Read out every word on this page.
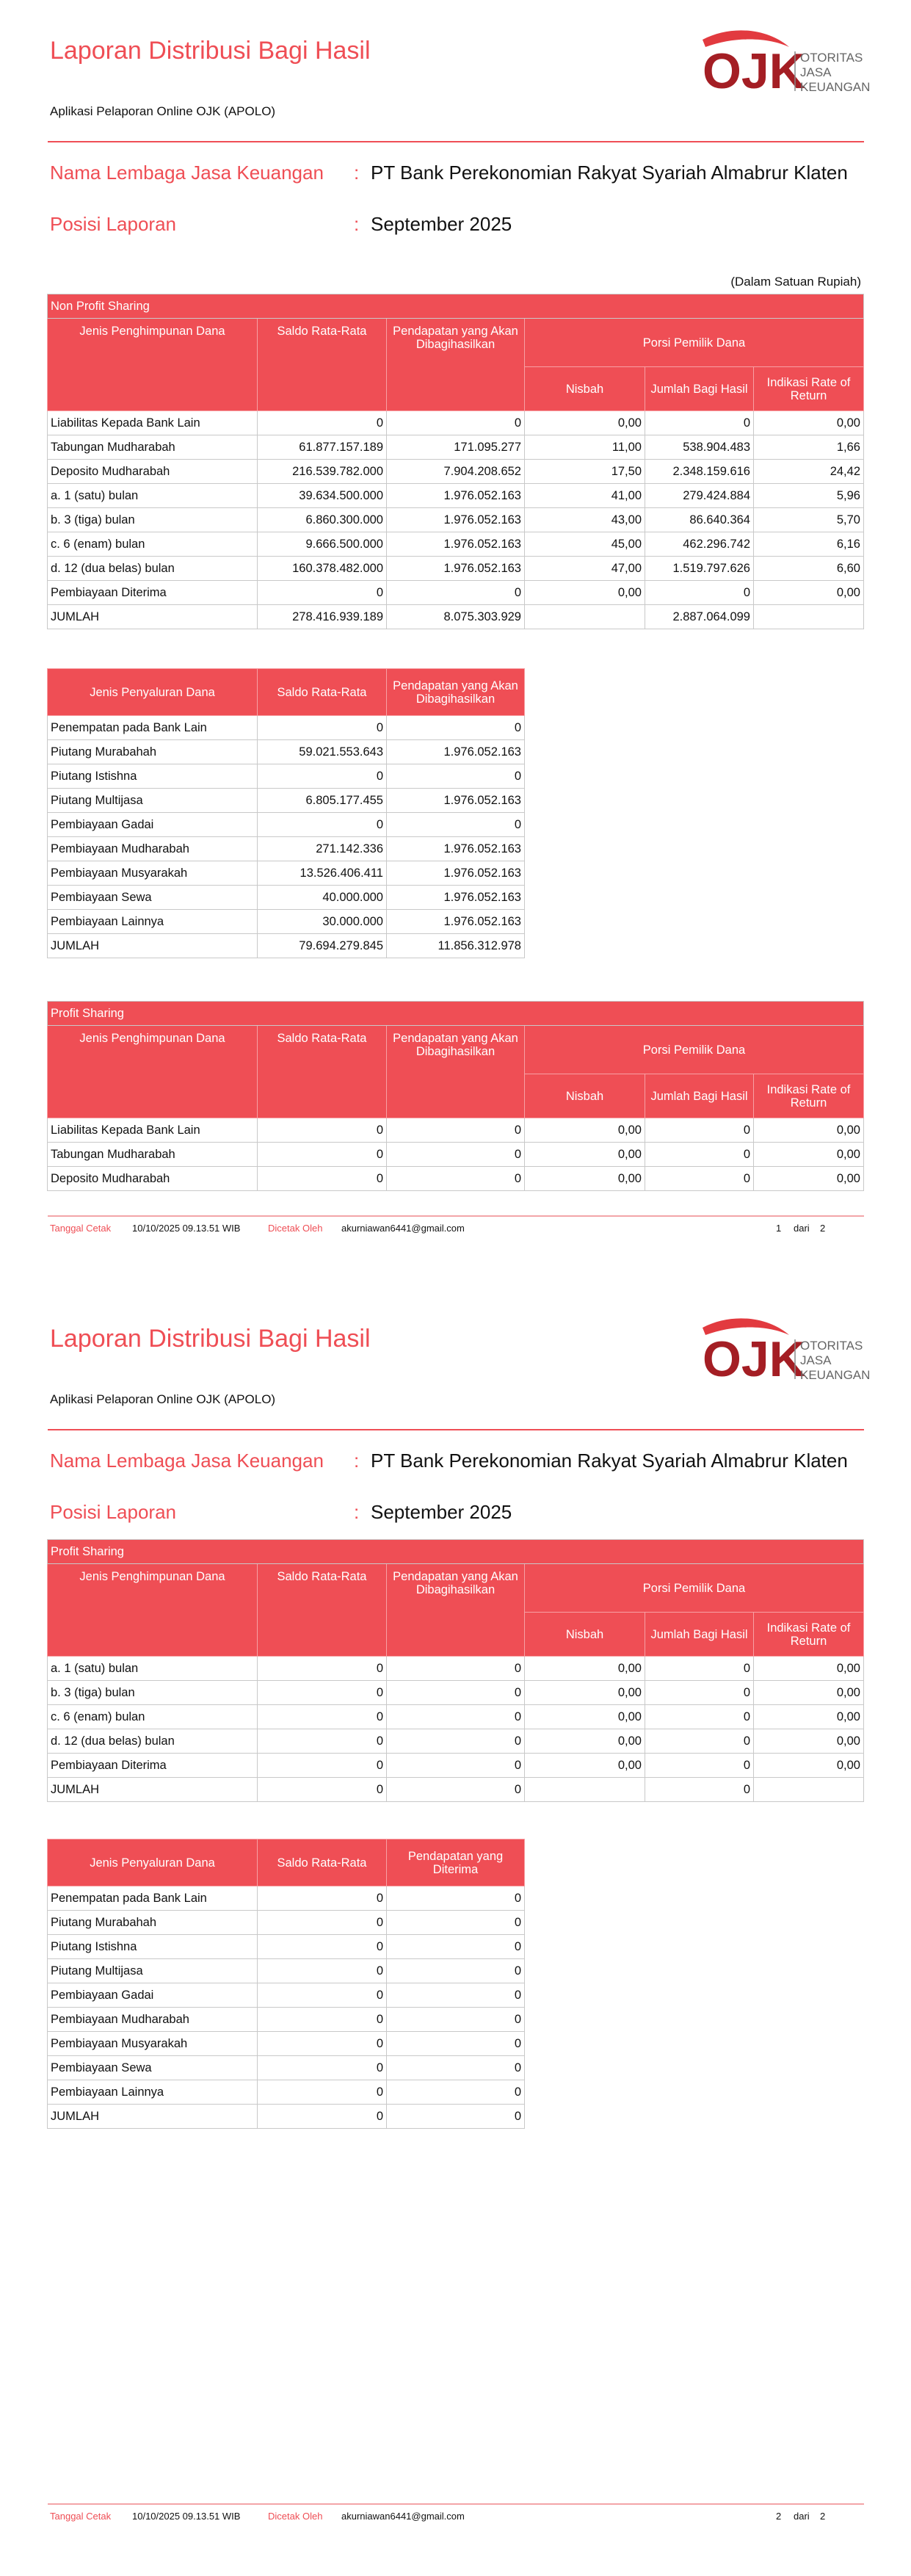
Laporan Distribusi Bagi Hasil
Aplikasi Pelaporan Online OJK (APOLO)
OJK
OTORITAS
JASA
KEUANGAN
Nama Lembaga Jasa Keuangan : PT Bank Perekonomian Rakyat Syariah Almabrur Klaten
Posisi Laporan	: September 2025
(Dalam Satuan Rupiah)
Non Profit Sharing					
Jenis Penghimpunan Dana	Saldo Rata-Rata	Pendapatan yang Akan Dibagihasilkan	Porsi Pemilik Dana		
			Nisbah	Jumlah Bagi Hasil	Indikasi Rate of Return
Liabilitas Kepada Bank Lain	0	0	0,00	0	0,00
Tabungan Mudharabah	61.877.157.189	171.095.277	11,00	538.904.483	1,66
Deposito Mudharabah	216.539.782.000	7.904.208.652	17,50	2.348.159.616	24,42
a. 1 (satu) bulan	39.634.500.000	1.976.052.163	41,00	279.424.884	5,96
b. 3 (tiga) bulan	6.860.300.000	1.976.052.163	43,00	86.640.364	5,70
c. 6 (enam) bulan	9.666.500.000	1.976.052.163	45,00	462.296.742	6,16
d. 12 (dua belas) bulan	160.378.482.000	1.976.052.163	47,00	1.519.797.626	6,60
Pembiayaan Diterima	0	0	0,00	0	0,00
JUMLAH	278.416.939.189	8.075.303.929		2.887.064.099	
Jenis Penyaluran Dana	Saldo Rata-Rata	Pendapatan yang Akan Dibagihasilkan
Penempatan pada Bank Lain	0	0
Piutang Murabahah	59.021.553.643	1.976.052.163
Piutang Istishna	0	0
Piutang Multijasa	6.805.177.455	1.976.052.163
Pembiayaan Gadai	0	0
Pembiayaan Mudharabah	271.142.336	1.976.052.163
Pembiayaan Musyarakah	13.526.406.411	1.976.052.163
Pembiayaan Sewa	40.000.000	1.976.052.163
Pembiayaan Lainnya	30.000.000	1.976.052.163
JUMLAH	79.694.279.845	11.856.312.978
Profit Sharing					
Jenis Penghimpunan Dana	Saldo Rata-Rata	Pendapatan yang Akan Dibagihasilkan	Porsi Pemilik Dana		
			Nisbah	Jumlah Bagi Hasil	Indikasi Rate of Return
Liabilitas Kepada Bank Lain	0	0	0,00	0	0,00
Tabungan Mudharabah	0	0	0,00	0	0,00
Deposito Mudharabah	0	0	0,00	0	0,00
Tanggal Cetak 10/10/2025 09.13.51 WIB	Dicetak Oleh akurniawan6441@gmail.com	1 dari 2
Laporan Distribusi Bagi Hasil
Aplikasi Pelaporan Online OJK (APOLO)
OJK
OTORITAS
JASA
KEUANGAN
Nama Lembaga Jasa Keuangan : PT Bank Perekonomian Rakyat Syariah Almabrur Klaten
Posisi Laporan	: September 2025
Profit Sharing					
Jenis Penghimpunan Dana	Saldo Rata-Rata	Pendapatan yang Akan Dibagihasilkan	Porsi Pemilik Dana		
			Nisbah	Jumlah Bagi Hasil	Indikasi Rate of Return
a. 1 (satu) bulan	0	0	0,00	0	0,00
b. 3 (tiga) bulan	0	0	0,00	0	0,00
c. 6 (enam) bulan	0	0	0,00	0	0,00
d. 12 (dua belas) bulan	0	0	0,00	0	0,00
Pembiayaan Diterima	0	0	0,00	0	0,00
JUMLAH	0	0		0	
Jenis Penyaluran Dana	Saldo Rata-Rata	Pendapatan yang Diterima
Penempatan pada Bank Lain	0	0
Piutang Murabahah	0	0
Piutang Istishna	0	0
Piutang Multijasa	0	0
Pembiayaan Gadai	0	0
Pembiayaan Mudharabah	0	0
Pembiayaan Musyarakah	0	0
Pembiayaan Sewa	0	0
Pembiayaan Lainnya	0	0
JUMLAH	0	0
Tanggal Cetak 10/10/2025 09.13.51 WIB	Dicetak Oleh akurniawan6441@gmail.com	2 dari 2
